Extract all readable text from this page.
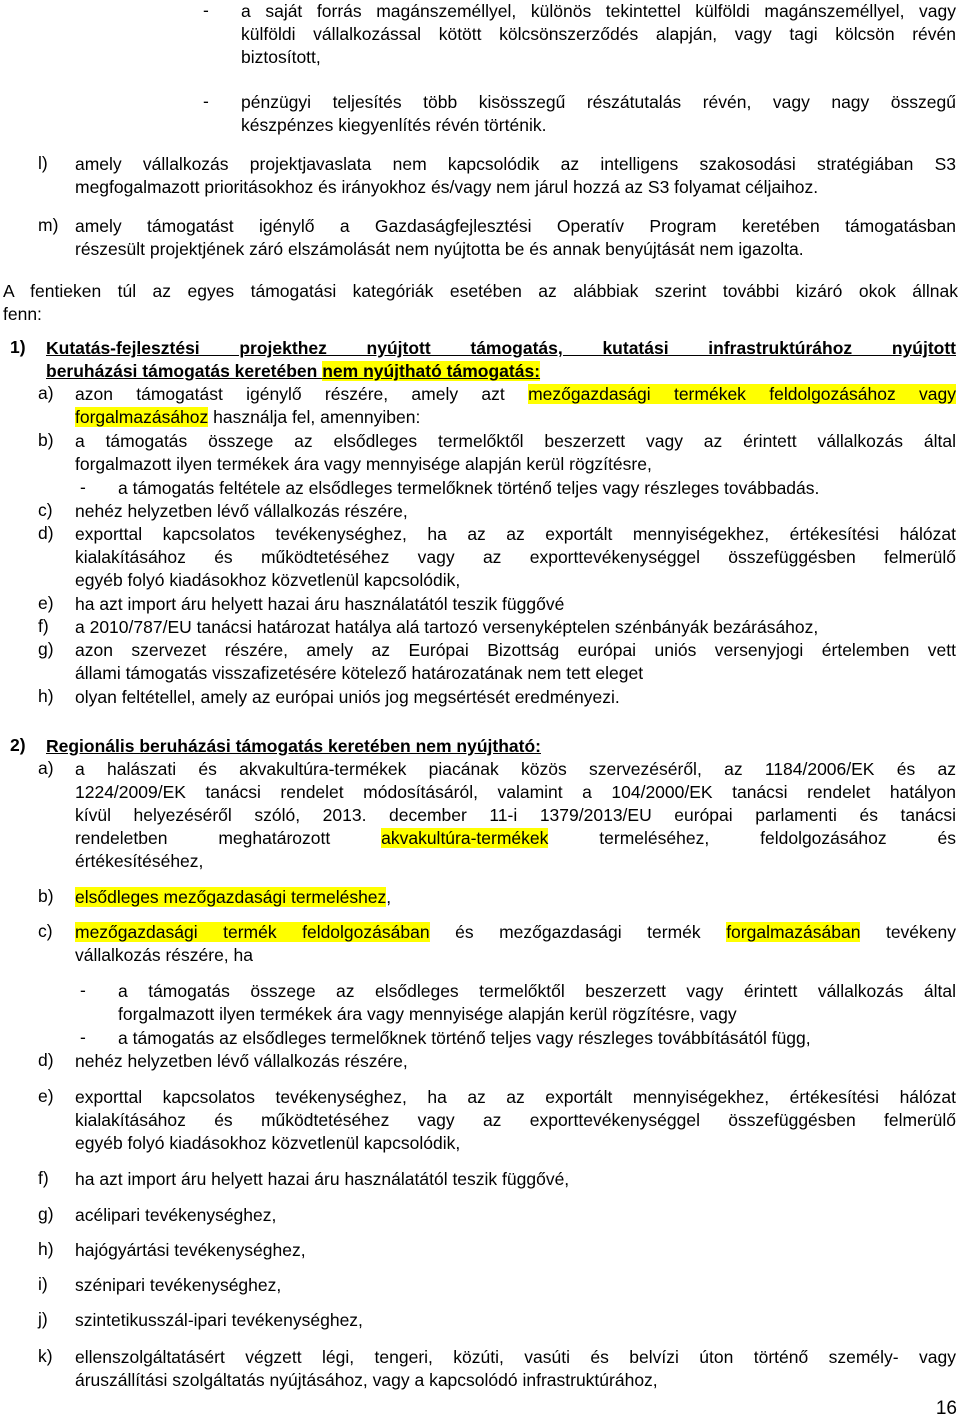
- a saját forrás magánszeméllyel, különös tekintettel külföldi magánszeméllyel, vagy

külföldi vállalkozással kötött kölcsönszerződés alapján, vagy tagi kölcsön révén

biztosított,

- pénzügyi teljesítés több kisösszegű részátutalás révén, vagy nagy összegű

készpénzes kiegyenlítés révén történik.

l) amely vállalkozás projektjavaslata nem kapcsolódik az intelligens szakosodási stratégiában S3

megfogalmazott prioritásokhoz és irányokhoz és/vagy nem járul hozzá az S3 folyamat céljaihoz.

m) amely támogatást igénylő a Gazdaságfejlesztési Operatív Program keretében támogatásban

részesült projektjének záró elszámolását nem nyújtotta be és annak benyújtását nem igazolta.

A fentieken túl az egyes támogatási kategóriák esetében az alábbiak szerint további kizáró okok állnak

fenn:

1) Kutatás-fejlesztési projekthez nyújtott támogatás, kutatási infrastruktúrához nyújtott

beruházási támogatás keretében nem nyújtható támogatás:

a) azon támogatást igénylő részére, amely azt mezőgazdasági termékek feldolgozásához vagy

forgalmazásához használja fel, amennyiben:

b) a támogatás összege az elsődleges termelőktől beszerzett vagy az érintett vállalkozás által

forgalmazott ilyen termékek ára vagy mennyisége alapján kerül rögzítésre,

- a támogatás feltétele az elsődleges termelőknek történő teljes vagy részleges továbbadás.

c) nehéz helyzetben lévő vállalkozás részére,

d) exporttal kapcsolatos tevékenységhez, ha az az exportált mennyiségekhez, értékesítési hálózat

kialakításához és működtetéséhez vagy az exporttevékenységgel összefüggésben felmerülő

egyéb folyó kiadásokhoz közvetlenül kapcsolódik,

e) ha azt import áru helyett hazai áru használatától teszik függővé

f) a 2010/787/EU tanácsi határozat hatálya alá tartozó versenyképtelen szénbányák bezárásához,

g) azon szervezet részére, amely az Európai Bizottság európai uniós versenyjogi értelemben vett

állami támogatás visszafizetésére kötelező határozatának nem tett eleget

h) olyan feltétellel, amely az európai uniós jog megsértését eredményezi.

2) Regionális beruházási támogatás keretében nem nyújtható:

a) a halászati és akvakultúra-termékek piacának közös szervezéséről, az 1184/2006/EK és az

1224/2009/EK tanácsi rendelet módosításáról, valamint a 104/2000/EK tanácsi rendelet hatályon

kívül helyezéséről szóló, 2013. december 11-i 1379/2013/EU európai parlamenti és tanácsi

rendeletben meghatározott akvakultúra-termékek termeléséhez, feldolgozásához és

értékesítéséhez,

b) elsődleges mezőgazdasági termeléshez,

c) mezőgazdasági termék feldolgozásában és mezőgazdasági termék forgalmazásában tevékeny

vállalkozás részére, ha

- a támogatás összege az elsődleges termelőktől beszerzett vagy érintett vállalkozás által

forgalmazott ilyen termékek ára vagy mennyisége alapján kerül rögzítésre, vagy

- a támogatás az elsődleges termelőknek történő teljes vagy részleges továbbításától függ,

d) nehéz helyzetben lévő vállalkozás részére,

e) exporttal kapcsolatos tevékenységhez, ha az az exportált mennyiségekhez, értékesítési hálózat

kialakításához és működtetéséhez vagy az exporttevékenységgel összefüggésben felmerülő

egyéb folyó kiadásokhoz közvetlenül kapcsolódik,

f) ha azt import áru helyett hazai áru használatától teszik függővé,

g) acélipari tevékenységhez,

h) hajógyártási tevékenységhez,

i) szénipari tevékenységhez,

j) szintetikusszál-ipari tevékenységhez,

k) ellenszolgáltatásért végzett légi, tengeri, közúti, vasúti és belvízi úton történő személy- vagy

áruszállítási szolgáltatás nyújtásához, vagy a kapcsolódó infrastruktúrához,

16
